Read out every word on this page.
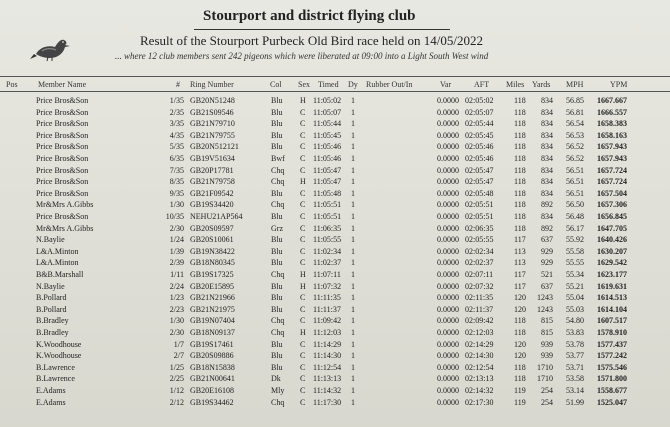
Stourport and district flying club
Result of the Stourport Purbeck Old Bird race held on 14/05/2022
... where 12 club members sent 242 pigeons which were liberated at 09:00 into a Light South West wind
Pos	Member Name	# Ring Number	Col Sex Timed Dy Rubber Out/In	Var	AFT Miles Yards MPH	YPM
Price Bros&Son	1/35 GB20N51248	Blu H 11:05:02 1	0.0000 02:05:02	118 834 56.85 1667.667
Price Bros&Son	2/35 GB21S09546	Blu C 11:05:07 1	0.0000 02:05:07	118 834 56.81 1666.557
Price Bros&Son	3/35 GB21N79710	Blu C 11:05:44 1	0.0000 02:05:44	118 834 56.54 1658.383
Price Bros&Son	4/35 GB21N79755	Blu C 11:05:45 1	0.0000 02:05:45	118 834 56.53 1658.163
Price Bros&Son	5/35 GB20N512121	Blu C 11:05:46 1	0.0000 02:05:46	118 834 56.52 1657.943
Price Bros&Son	6/35 GB19V51634	Bwf C 11:05:46 1	0.0000 02:05:46	118 834 56.52 1657.943
Price Bros&Son	7/35 GB20P17781	Chq C 11:05:47 1	0.0000 02:05:47	118 834 56.51 1657.724
Price Bros&Son	8/35 GB21N79758	Chq H 11:05:47 1	0.0000 02:05:47	118 834 56.51 1657.724
Price Bros&Son	9/35 GB21F09542	Blu C 11:05:48 1	0.0000 02:05:48	118 834 56.51 1657.504
Mr&Mrs A.Gibbs	1/30 GB19S34420	Chq C 11:05:51 1	0.0000 02:05:51	118 892 56.50 1657.306
Price Bros&Son	10/35 NEHU21AP564	Blu C 11:05:51 1	0.0000 02:05:51	118 834 56.48 1656.845
Mr&Mrs A.Gibbs	2/30 GB20S09597	Grz C 11:06:35 1	0.0000 02:06:35	118 892 56.17 1647.705
N.Baylie	1/24 GB20S10061	Blu C 11:05:55 1	0.0000 02:05:55	117 637 55.92 1640.426
L&A.Minton	1/39 GB19N38422	Blu C 11:02:34 1	0.0000 02:02:34	113 929 55.58 1630.207
L&A.Minton	2/39 GB18N80345	Blu C 11:02:37 1	0.0000 02:02:37	113 929 55.55 1629.542
B&B.Marshall	1/11 GB19S17325	Chq H 11:07:11 1	0.0000 02:07:11	117 521 55.34 1623.177
N.Baylie	2/24 GB20E15895	Blu H 11:07:32 1	0.0000 02:07:32	117 637 55.21 1619.631
B.Pollard	1/23 GB21N21966	Blu C 11:11:35 1	0.0000 02:11:35	120 1243 55.04 1614.513
B.Pollard	2/23 GB21N21975	Blu C 11:11:37 1	0.0000 02:11:37	120 1243 55.03 1614.104
B.Bradley	1/30 GB19N07404	Chq C 11:09:42 1	0.0000 02:09:42	118 815 54.80 1607.517
B.Bradley	2/30 GB18N09137	Chq H 11:12:03 1	0.0000 02:12:03	118 815 53.83 1578.910
K.Woodhouse	1/7 GB19S17461	Blu C 11:14:29 1	0.0000 02:14:29	120 939 53.78 1577.437
K.Woodhouse	2/7 GB20S09886	Blu C 11:14:30 1	0.0000 02:14:30	120 939 53.77 1577.242
B.Lawrence	1/25 GB18N15838	Blu C 11:12:54 1	0.0000 02:12:54	118 1710 53.71 1575.546
B.Lawrence	2/25 GB21N00641	Dk C 11:13:13 1	0.0000 02:13:13	118 1710 53.58 1571.800
E.Adams	1/12 GB20E16108	Mly C 11:14:32 1	0.0000 02:14:32	119 254 53.14 1558.677
E.Adams	2/12 GB19S34462	Chq C 11:17:30 1	0.0000 02:17:30	119 254 51.99 1525.047
